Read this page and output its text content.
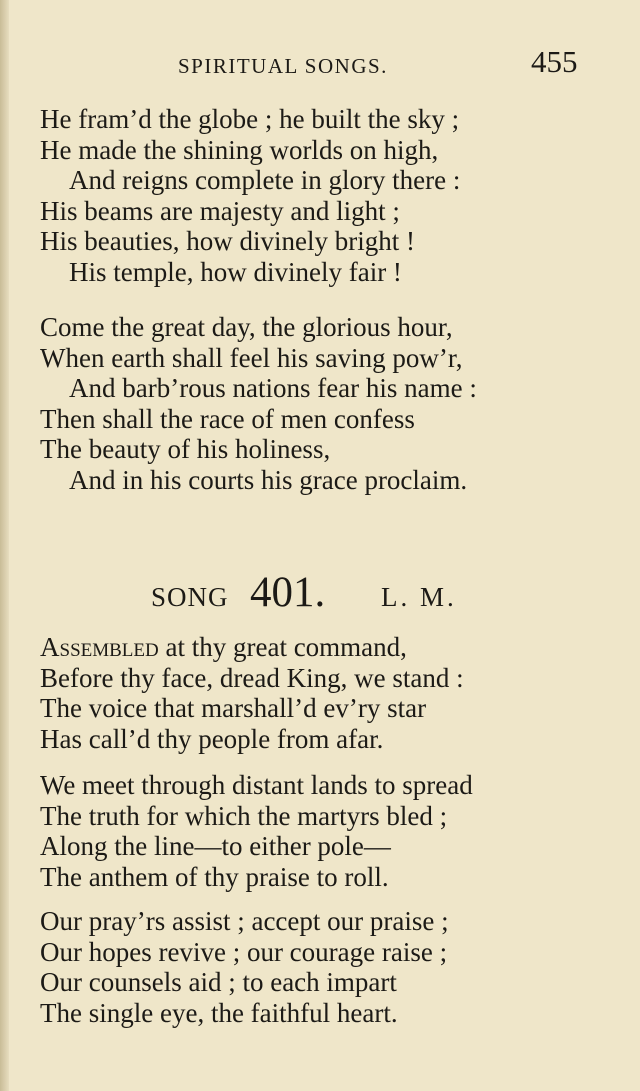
SPIRITUAL SONGS.	455
He fram’d the globe ; he built the sky ;
He made the shining worlds on high,
And reigns complete in glory there :
His beams are majesty and light ;
His beauties, how divinely bright !
His temple, how divinely fair !
Come the great day, the glorious hour,
When earth shall feel his saving pow’r,
And barb’rous nations fear his name :
Then shall the race of men confess
The beauty of his holiness,
And in his courts his grace proclaim.
SONG 401. L. M.
Assembled at thy great command,
Before thy face, dread King, we stand :
The voice that marshall’d ev’ry star
Has call’d thy people from afar.
We meet through distant lands to spread
The truth for which the martyrs bled ;
Along the line—to either pole—
The anthem of thy praise to roll.
Our pray’rs assist ; accept our praise ;
Our hopes revive ; our courage raise ;
Our counsels aid ; to each impart
The single eye, the faithful heart.
